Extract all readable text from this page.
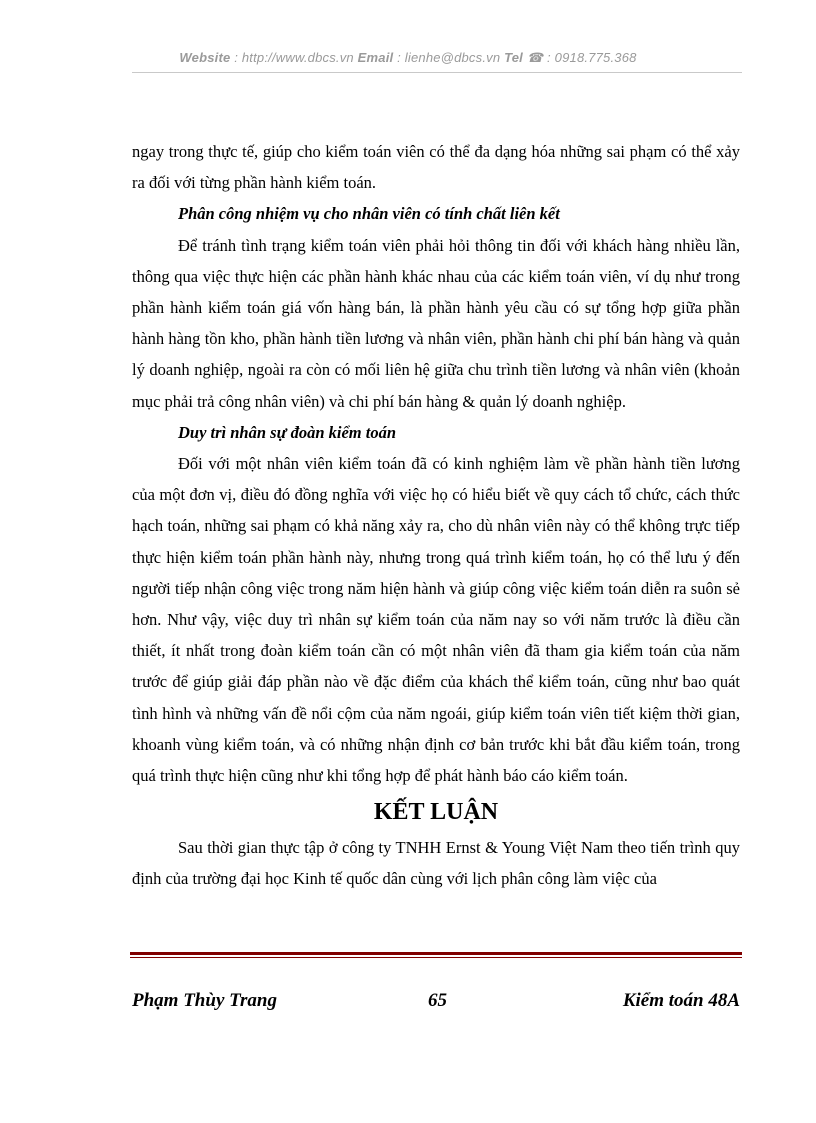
Website : http://www.dbcs.vn Email : lienhe@dbcs.vn Tel ☎ : 0918.775.368

ngay trong thực tế, giúp cho kiểm toán viên có thể đa dạng hóa những sai phạm có thể xảy ra đối với từng phần hành kiểm toán.

Phân công nhiệm vụ cho nhân viên có tính chất liên kết

Để tránh tình trạng kiểm toán viên phải hỏi thông tin đối với khách hàng nhiều lần, thông qua việc thực hiện các phần hành khác nhau của các kiểm toán viên, ví dụ như trong phần hành kiểm toán giá vốn hàng bán, là phần hành yêu cầu có sự tổng hợp giữa phần hành hàng tồn kho, phần hành tiền lương và nhân viên, phần hành chi phí bán hàng và quản lý doanh nghiệp, ngoài ra còn có mối liên hệ giữa chu trình tiền lương và nhân viên (khoản mục phải trả công nhân viên) và chi phí bán hàng & quản lý doanh nghiệp.

Duy trì nhân sự đoàn kiểm toán

Đối với một nhân viên kiểm toán đã có kinh nghiệm làm về phần hành tiền lương của một đơn vị, điều đó đồng nghĩa với việc họ có hiểu biết về quy cách tổ chức, cách thức hạch toán, những sai phạm có khả năng xảy ra, cho dù nhân viên này có thể không trực tiếp thực hiện kiểm toán phần hành này, nhưng trong quá trình kiểm toán, họ có thể lưu ý đến người tiếp nhận công việc trong năm hiện hành và giúp công việc kiểm toán diễn ra suôn sẻ hơn. Như vậy, việc duy trì nhân sự kiểm toán của năm nay so với năm trước là điều cần thiết, ít nhất trong đoàn kiểm toán cần có một nhân viên đã tham gia kiểm toán của năm trước để giúp giải đáp phần nào về đặc điểm của khách thể kiểm toán, cũng như bao quát tình hình và những vấn đề nổi cộm của năm ngoái, giúp kiểm toán viên tiết kiệm thời gian, khoanh vùng kiểm toán, và có những nhận định cơ bản trước khi bắt đầu kiểm toán, trong quá trình thực hiện cũng như khi tổng hợp để phát hành báo cáo kiểm toán.

KẾT LUẬN

Sau thời gian thực tập ở công ty TNHH Ernst & Young Việt Nam theo tiến trình quy định của trường đại học Kinh tế quốc dân cùng với lịch phân công làm việc của

Phạm Thùy Trang	65	Kiểm toán 48A
